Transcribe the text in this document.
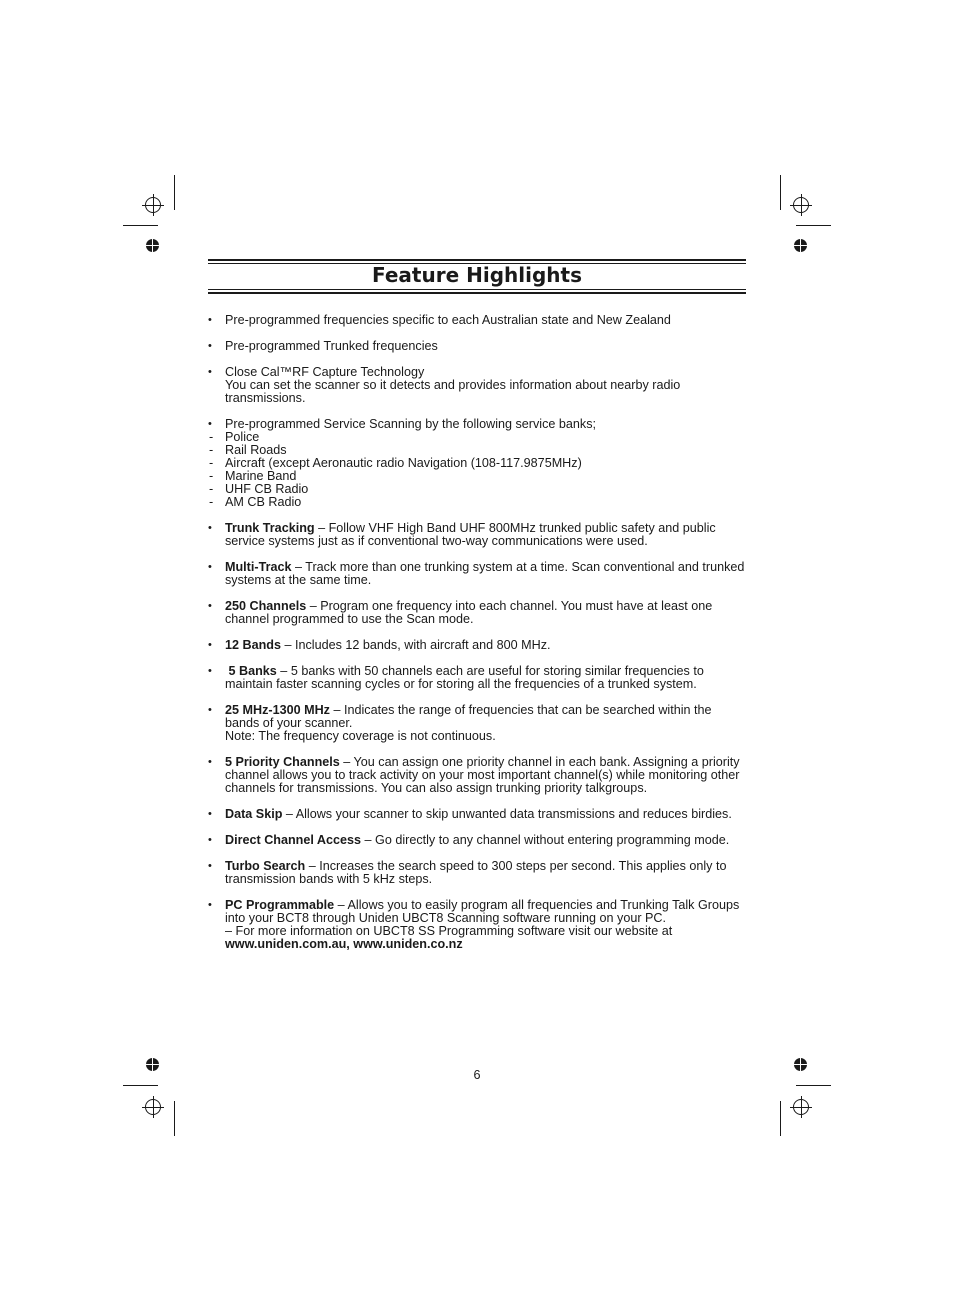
Feature Highlights
• Pre-programmed frequencies specific to each Australian state and New Zealand
• Pre-programmed Trunked frequencies
• Close Cal™RF Capture Technology
You can set the scanner so it detects and provides information about nearby radio transmissions.
• Pre-programmed Service Scanning by the following service banks;
- Police
- Rail Roads
- Aircraft (except Aeronautic radio Navigation (108-117.9875MHz)
- Marine Band
- UHF CB Radio
- AM CB Radio
• Trunk Tracking – Follow VHF High Band UHF 800MHz trunked public safety and public service systems just as if conventional two-way communications were used.
• Multi-Track – Track more than one trunking system at a time. Scan conventional and trunked systems at the same time.
• 250 Channels – Program one frequency into each channel. You must have at least one channel programmed to use the Scan mode.
• 12 Bands – Includes 12 bands, with aircraft and 800 MHz.
• 5 Banks – 5 banks with 50 channels each are useful for storing similar frequencies to maintain faster scanning cycles or for storing all the frequencies of a trunked system.
• 25 MHz-1300 MHz – Indicates the range of frequencies that can be searched within the bands of your scanner.
Note: The frequency coverage is not continuous.
• 5 Priority Channels – You can assign one priority channel in each bank. Assigning a priority channel allows you to track activity on your most important channel(s) while monitoring other channels for transmissions. You can also assign trunking priority talkgroups.
• Data Skip – Allows your scanner to skip unwanted data transmissions and reduces birdies.
• Direct Channel Access – Go directly to any channel without entering programming mode.
• Turbo Search – Increases the search speed to 300 steps per second. This applies only to transmission bands with 5 kHz steps.
• PC Programmable – Allows you to easily program all frequencies and Trunking Talk Groups into your BCT8 through Uniden UBCT8 Scanning software running on your PC.
– For more information on UBCT8 SS Programming software visit our website at
www.uniden.com.au, www.uniden.co.nz
6
